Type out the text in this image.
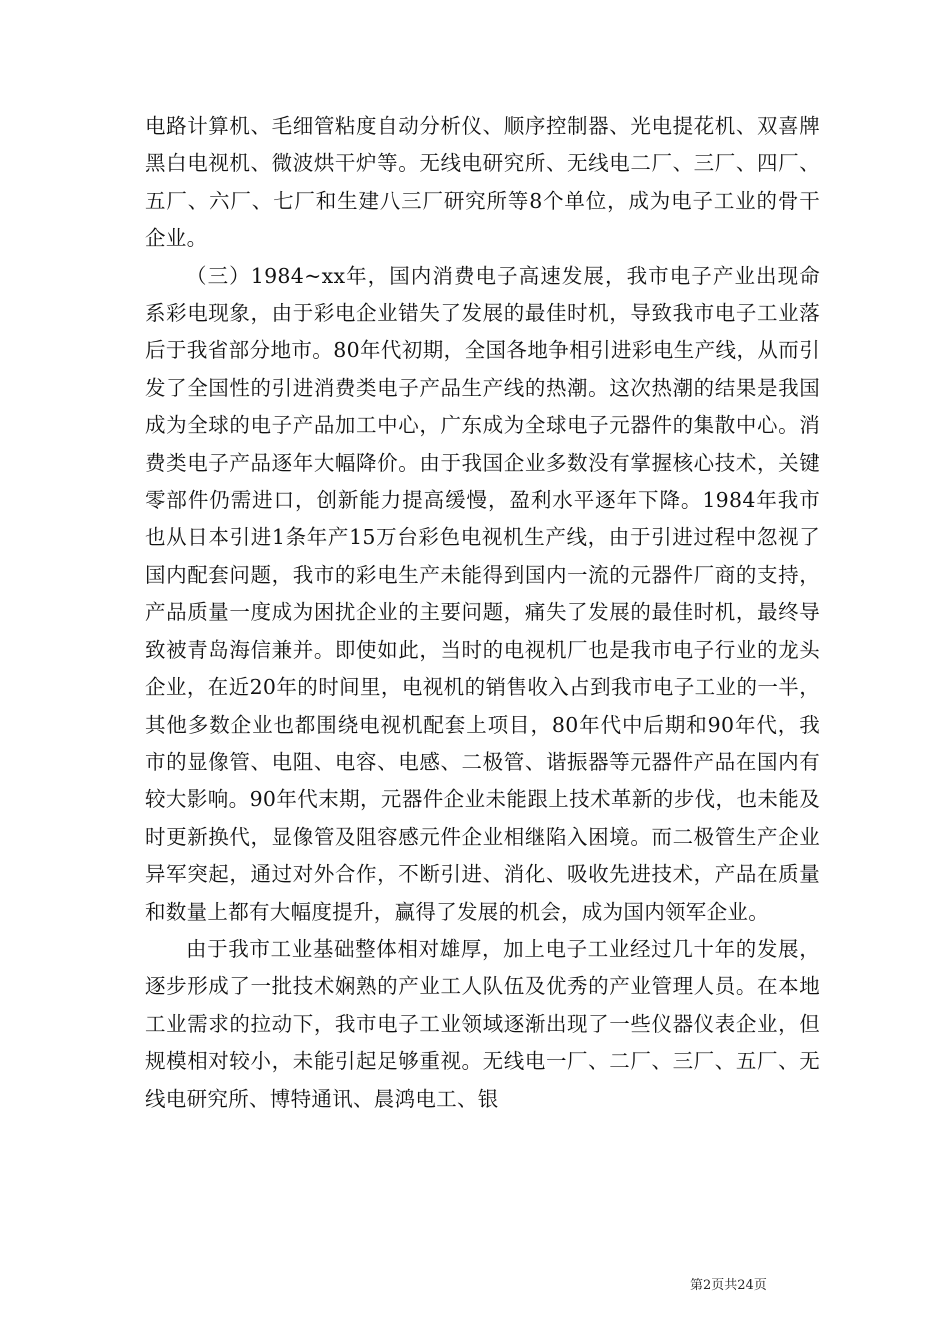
电路计算机、毛细管粘度自动分析仪、顺序控制器、光电提花机、双喜牌黑白电视机、微波烘干炉等。无线电研究所、无线电二厂、三厂、四厂、五厂、六厂、七厂和生建八三厂研究所等8个单位，成为电子工业的骨干企业。

（三）1984~xx年，国内消费电子高速发展，我市电子产业出现命系彩电现象，由于彩电企业错失了发展的最佳时机，导致我市电子工业落后于我省部分地市。80年代初期，全国各地争相引进彩电生产线，从而引发了全国性的引进消费类电子产品生产线的热潮。这次热潮的结果是我国成为全球的电子产品加工中心，广东成为全球电子元器件的集散中心。消费类电子产品逐年大幅降价。由于我国企业多数没有掌握核心技术，关键零部件仍需进口，创新能力提高缓慢，盈利水平逐年下降。1984年我市也从日本引进1条年产15万台彩色电视机生产线，由于引进过程中忽视了国内配套问题，我市的彩电生产未能得到国内一流的元器件厂商的支持，产品质量一度成为困扰企业的主要问题，痛失了发展的最佳时机，最终导致被青岛海信兼并。即使如此，当时的电视机厂也是我市电子行业的龙头企业，在近20年的时间里，电视机的销售收入占到我市电子工业的一半，其他多数企业也都围绕电视机配套上项目，80年代中后期和90年代，我市的显像管、电阻、电容、电感、二极管、谐振器等元器件产品在国内有较大影响。90年代末期，元器件企业未能跟上技术革新的步伐，也未能及时更新换代，显像管及阻容感元件企业相继陷入困境。而二极管生产企业异军突起，通过对外合作，不断引进、消化、吸收先进技术，产品在质量和数量上都有大幅度提升，赢得了发展的机会，成为国内领军企业。

由于我市工业基础整体相对雄厚，加上电子工业经过几十年的发展，逐步形成了一批技术娴熟的产业工人队伍及优秀的产业管理人员。在本地工业需求的拉动下，我市电子工业领域逐渐出现了一些仪器仪表企业，但规模相对较小，未能引起足够重视。无线电一厂、二厂、三厂、五厂、无线电研究所、博特通讯、晨鸿电工、银

第2页共24页
